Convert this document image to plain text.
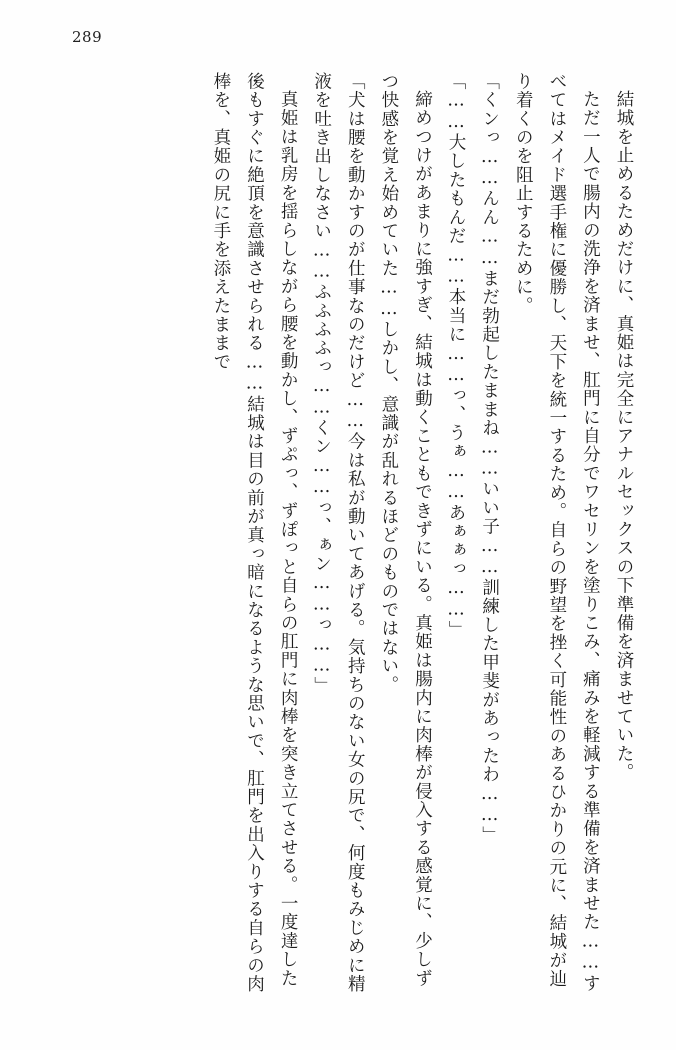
289

結城を止めるためだけに、真姫は完全にアナルセックスの下準備を済ませていた。

ただ一人で腸内の洗浄を済ませ、肛門に自分でワセリンを塗りこみ、痛みを軽減する準備を済ませた……すべてはメイド選手権に優勝し、天下を統一するため。自らの野望を挫く可能性のあるひかりの元に、結城が辿り着くのを阻止するために。

「くンっ……んん……まだ勃起したままね……いい子……訓練した甲斐があったわ……」

「……大したもんだ……本当に……っ、うぁ……あぁぁっ……」

締めつけがあまりに強すぎ、結城は動くこともできずにいる。真姫は腸内に肉棒が侵入する感覚に、少しずつ快感を覚え始めていた……しかし、意識が乱れるほどのものではない。

「犬は腰を動かすのが仕事なのだけど……今は私が動いてあげる。気持ちのない女の尻で、何度もみじめに精液を吐き出しなさい……ふふふふっ……くン……っ、ぁン……っ……」

真姫は乳房を揺らしながら腰を動かし、ずぷっ、ずぽっと自らの肛門に肉棒を突き立てさせる。一度達した後もすぐに絶頂を意識させられる……結城は目の前が真っ暗になるような思いで、肛門を出入りする自らの肉棒を、真姫の尻に手を添えたままで
